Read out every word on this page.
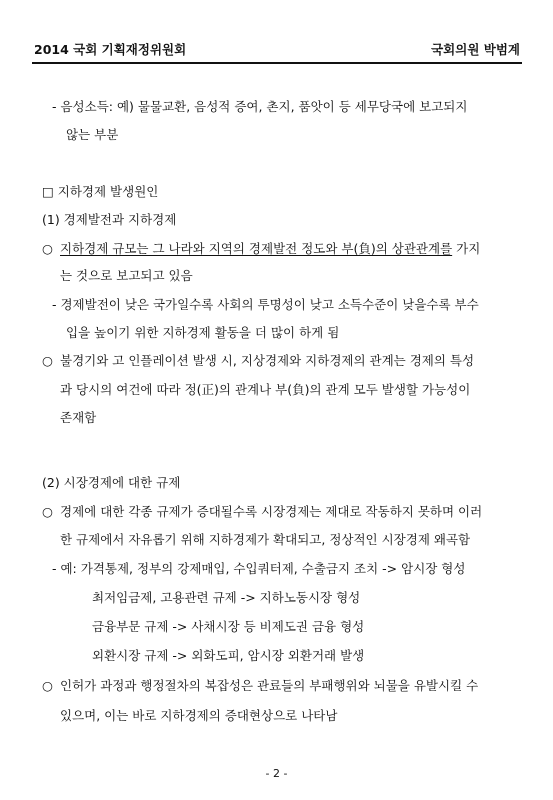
2014 국회 기획재정위원회	국회의원 박범계
- 음성소득: 예) 물물교환, 음성적 증여, 촌지, 품앗이 등 세무당국에 보고되지
않는 부분
□ 지하경제 발생원인
(1) 경제발전과 지하경제
○ 지하경제 규모는 그 나라와 지역의 경제발전 정도와 부(負)의 상관관계를 가지
는 것으로 보고되고 있음
- 경제발전이 낮은 국가일수록 사회의 투명성이 낮고 소득수준이 낮을수록 부수
입을 높이기 위한 지하경제 활동을 더 많이 하게 됨
○ 불경기와 고 인플레이션 발생 시, 지상경제와 지하경제의 관계는 경제의 특성
과 당시의 여건에 따라 정(正)의 관계나 부(負)의 관계 모두 발생할 가능성이
존재함
(2) 시장경제에 대한 규제
○ 경제에 대한 각종 규제가 증대될수록 시장경제는 제대로 작동하지 못하며 이러
한 규제에서 자유롭기 위해 지하경제가 확대되고, 정상적인 시장경제 왜곡함
- 예: 가격통제, 정부의 강제매입, 수입쿼터제, 수출금지 조치 -> 암시장 형성
최저임금제, 고용관련 규제 -> 지하노동시장 형성
금융부문 규제 -> 사채시장 등 비제도권 금융 형성
외환시장 규제 -> 외화도피, 암시장 외환거래 발생
○ 인허가 과정과 행정절차의 복잡성은 관료들의 부패행위와 뇌물을 유발시킬 수
있으며, 이는 바로 지하경제의 증대현상으로 나타남
- 2 -
